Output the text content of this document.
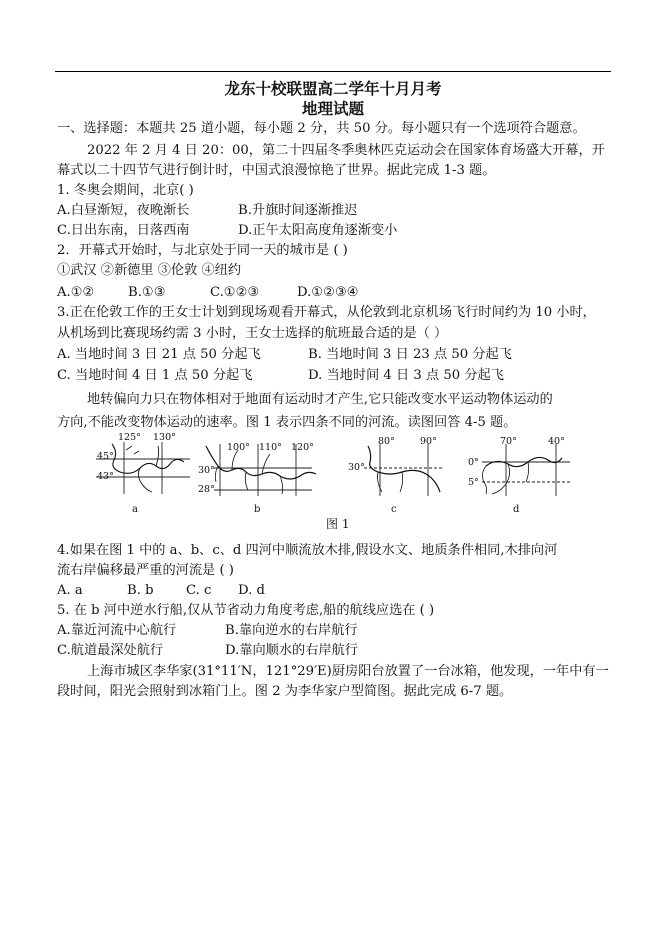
龙东十校联盟高二学年十月月考
地理试题
一、选择题：本题共 25 道小题，每小题 2 分，共 50 分。每小题只有一个选项符合题意。
2022 年 2 月 4 日 20：00，第二十四届冬季奥林匹克运动会在国家体育场盛大开幕，开
幕式以二十四节气进行倒计时，中国式浪漫惊艳了世界。据此完成 1-3 题。
1. 冬奥会期间，北京( )
A.白昼渐短，夜晚渐长	B.升旗时间逐渐推迟
C.日出东南，日落西南	D.正午太阳高度角逐渐变小
2．开幕式开始时，与北京处于同一天的城市是 ( )
①武汉 ②新德里 ③伦敦 ④纽约
A.①②	B.①③	C.①②③	D.①②③④
3.正在伦敦工作的王女士计划到现场观看开幕式，从伦敦到北京机场飞行时间约为 10 小时，
从机场到比赛现场约需 3 小时，王女士选择的航班最合适的是（ ）
A. 当地时间 3 日 21 点 50 分起飞	B. 当地时间 3 日 23 点 50 分起飞
C. 当地时间 4 日 1 点 50 分起飞	D. 当地时间 4 日 3 点 50 分起飞
地转偏向力只在物体相对于地面有运动时才产生,它只能改变水平运动物体运动的
方向,不能改变物体运动的速率。图 1 表示四条不同的河流。读图回答 4-5 题。
125° 130°
45°
43°
a
100° 110° 120°
30°
28°
b
80°	90°
30°
c
70°	40°
0°
5°
d
图 1
4.如果在图 1 中的 a、b、c、d 四河中顺流放木排,假设水文、地质条件相同,木排向河
流右岸偏移最严重的河流是 ( )
A. a	B. b C. c D. d
5. 在 b 河中逆水行船,仅从节省动力角度考虑,船的航线应选在 ( )
A.靠近河流中心航行	B.靠向逆水的右岸航行
C.航道最深处航行	D.靠向顺水的右岸航行
上海市城区李华家(31°11′N，121°29′E)厨房阳台放置了一台冰箱，他发现，一年中有一
段时间，阳光会照射到冰箱门上。图 2 为李华家户型简图。据此完成 6-7 题。
